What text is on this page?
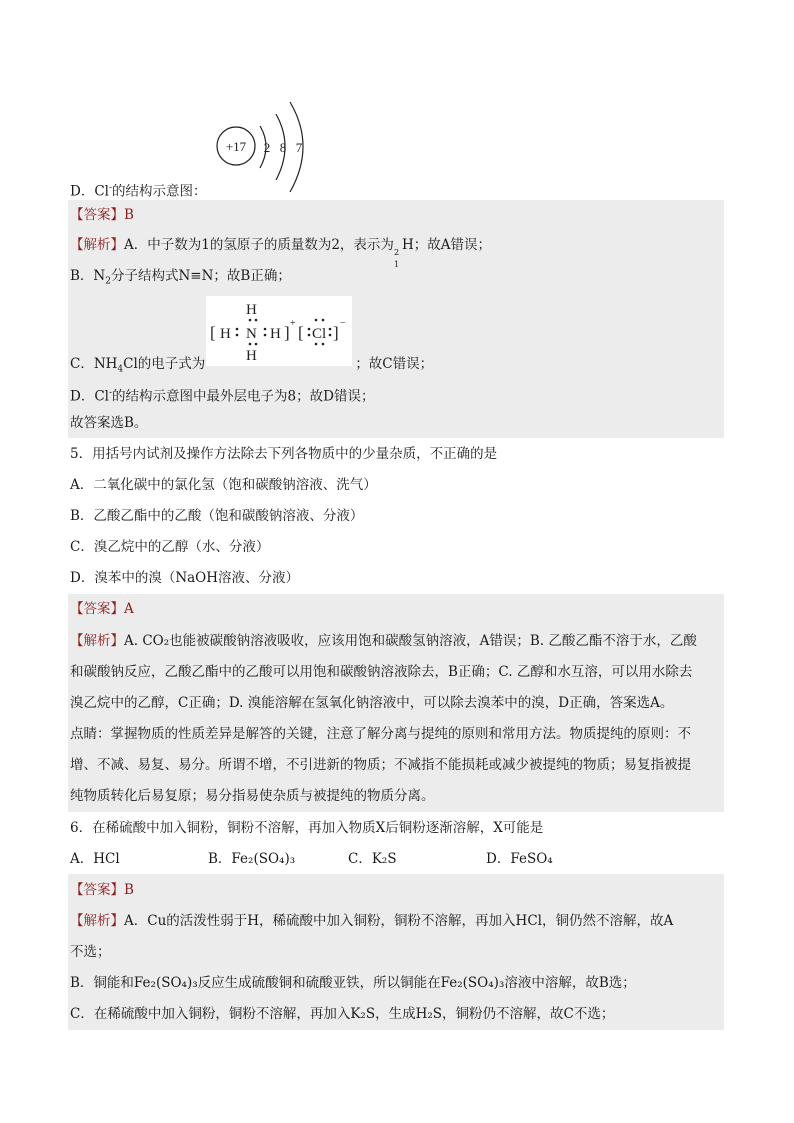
+17 2 8 7
D．Cl-的结构示意图：
【答案】B
【解析】A．中子数为1的氢原子的质量数为2，表示为 2
1
H；故A错误；
B．$N_2$分子结构式N≡N；故B正确；
H
H
[ H N H ] + [ Cl ] −
C．$NH_4Cl$的电子式为	；故C错误；
D．Cl-的结构示意图中最外层电子为8；故D错误；
故答案选B。
5．用括号内试剂及操作方法除去下列各物质中的少量杂质，不正确的是
A．二氧化碳中的氯化氢（饱和碳酸钠溶液、洗气）
B．乙酸乙酯中的乙酸（饱和碳酸钠溶液、分液）
C．溴乙烷中的乙醇（水、分液）
D．溴苯中的溴（NaOH溶液、分液）
【答案】A
【解析】A. CO₂也能被碳酸钠溶液吸收，应该用饱和碳酸氢钠溶液，A错误；B. 乙酸乙酯不溶于水，乙酸
和碳酸钠反应，乙酸乙酯中的乙酸可以用饱和碳酸钠溶液除去，B正确；C. 乙醇和水互溶，可以用水除去
溴乙烷中的乙醇，C正确；D. 溴能溶解在氢氧化钠溶液中，可以除去溴苯中的溴，D正确，答案选A。
点睛：掌握物质的性质差异是解答的关键，注意了解分离与提纯的原则和常用方法。物质提纯的原则：不
增、不减、易复、易分。所谓不增，不引进新的物质；不减指不能损耗或减少被提纯的物质；易复指被提
纯物质转化后易复原；易分指易使杂质与被提纯的物质分离。
6．在稀硫酸中加入铜粉，铜粉不溶解，再加入物质X后铜粉逐渐溶解，X可能是
A．HCl	B．Fe₂(SO₄)₃	C．K₂S	D．FeSO₄
【答案】B
【解析】A．Cu的活泼性弱于H，稀硫酸中加入铜粉，铜粉不溶解，再加入HCl，铜仍然不溶解，故A
不选；
B．铜能和Fe₂(SO₄)₃反应生成硫酸铜和硫酸亚铁，所以铜能在Fe₂(SO₄)₃溶液中溶解，故B选；
C．在稀硫酸中加入铜粉，铜粉不溶解，再加入K₂S，生成H₂S，铜粉仍不溶解，故C不选；
